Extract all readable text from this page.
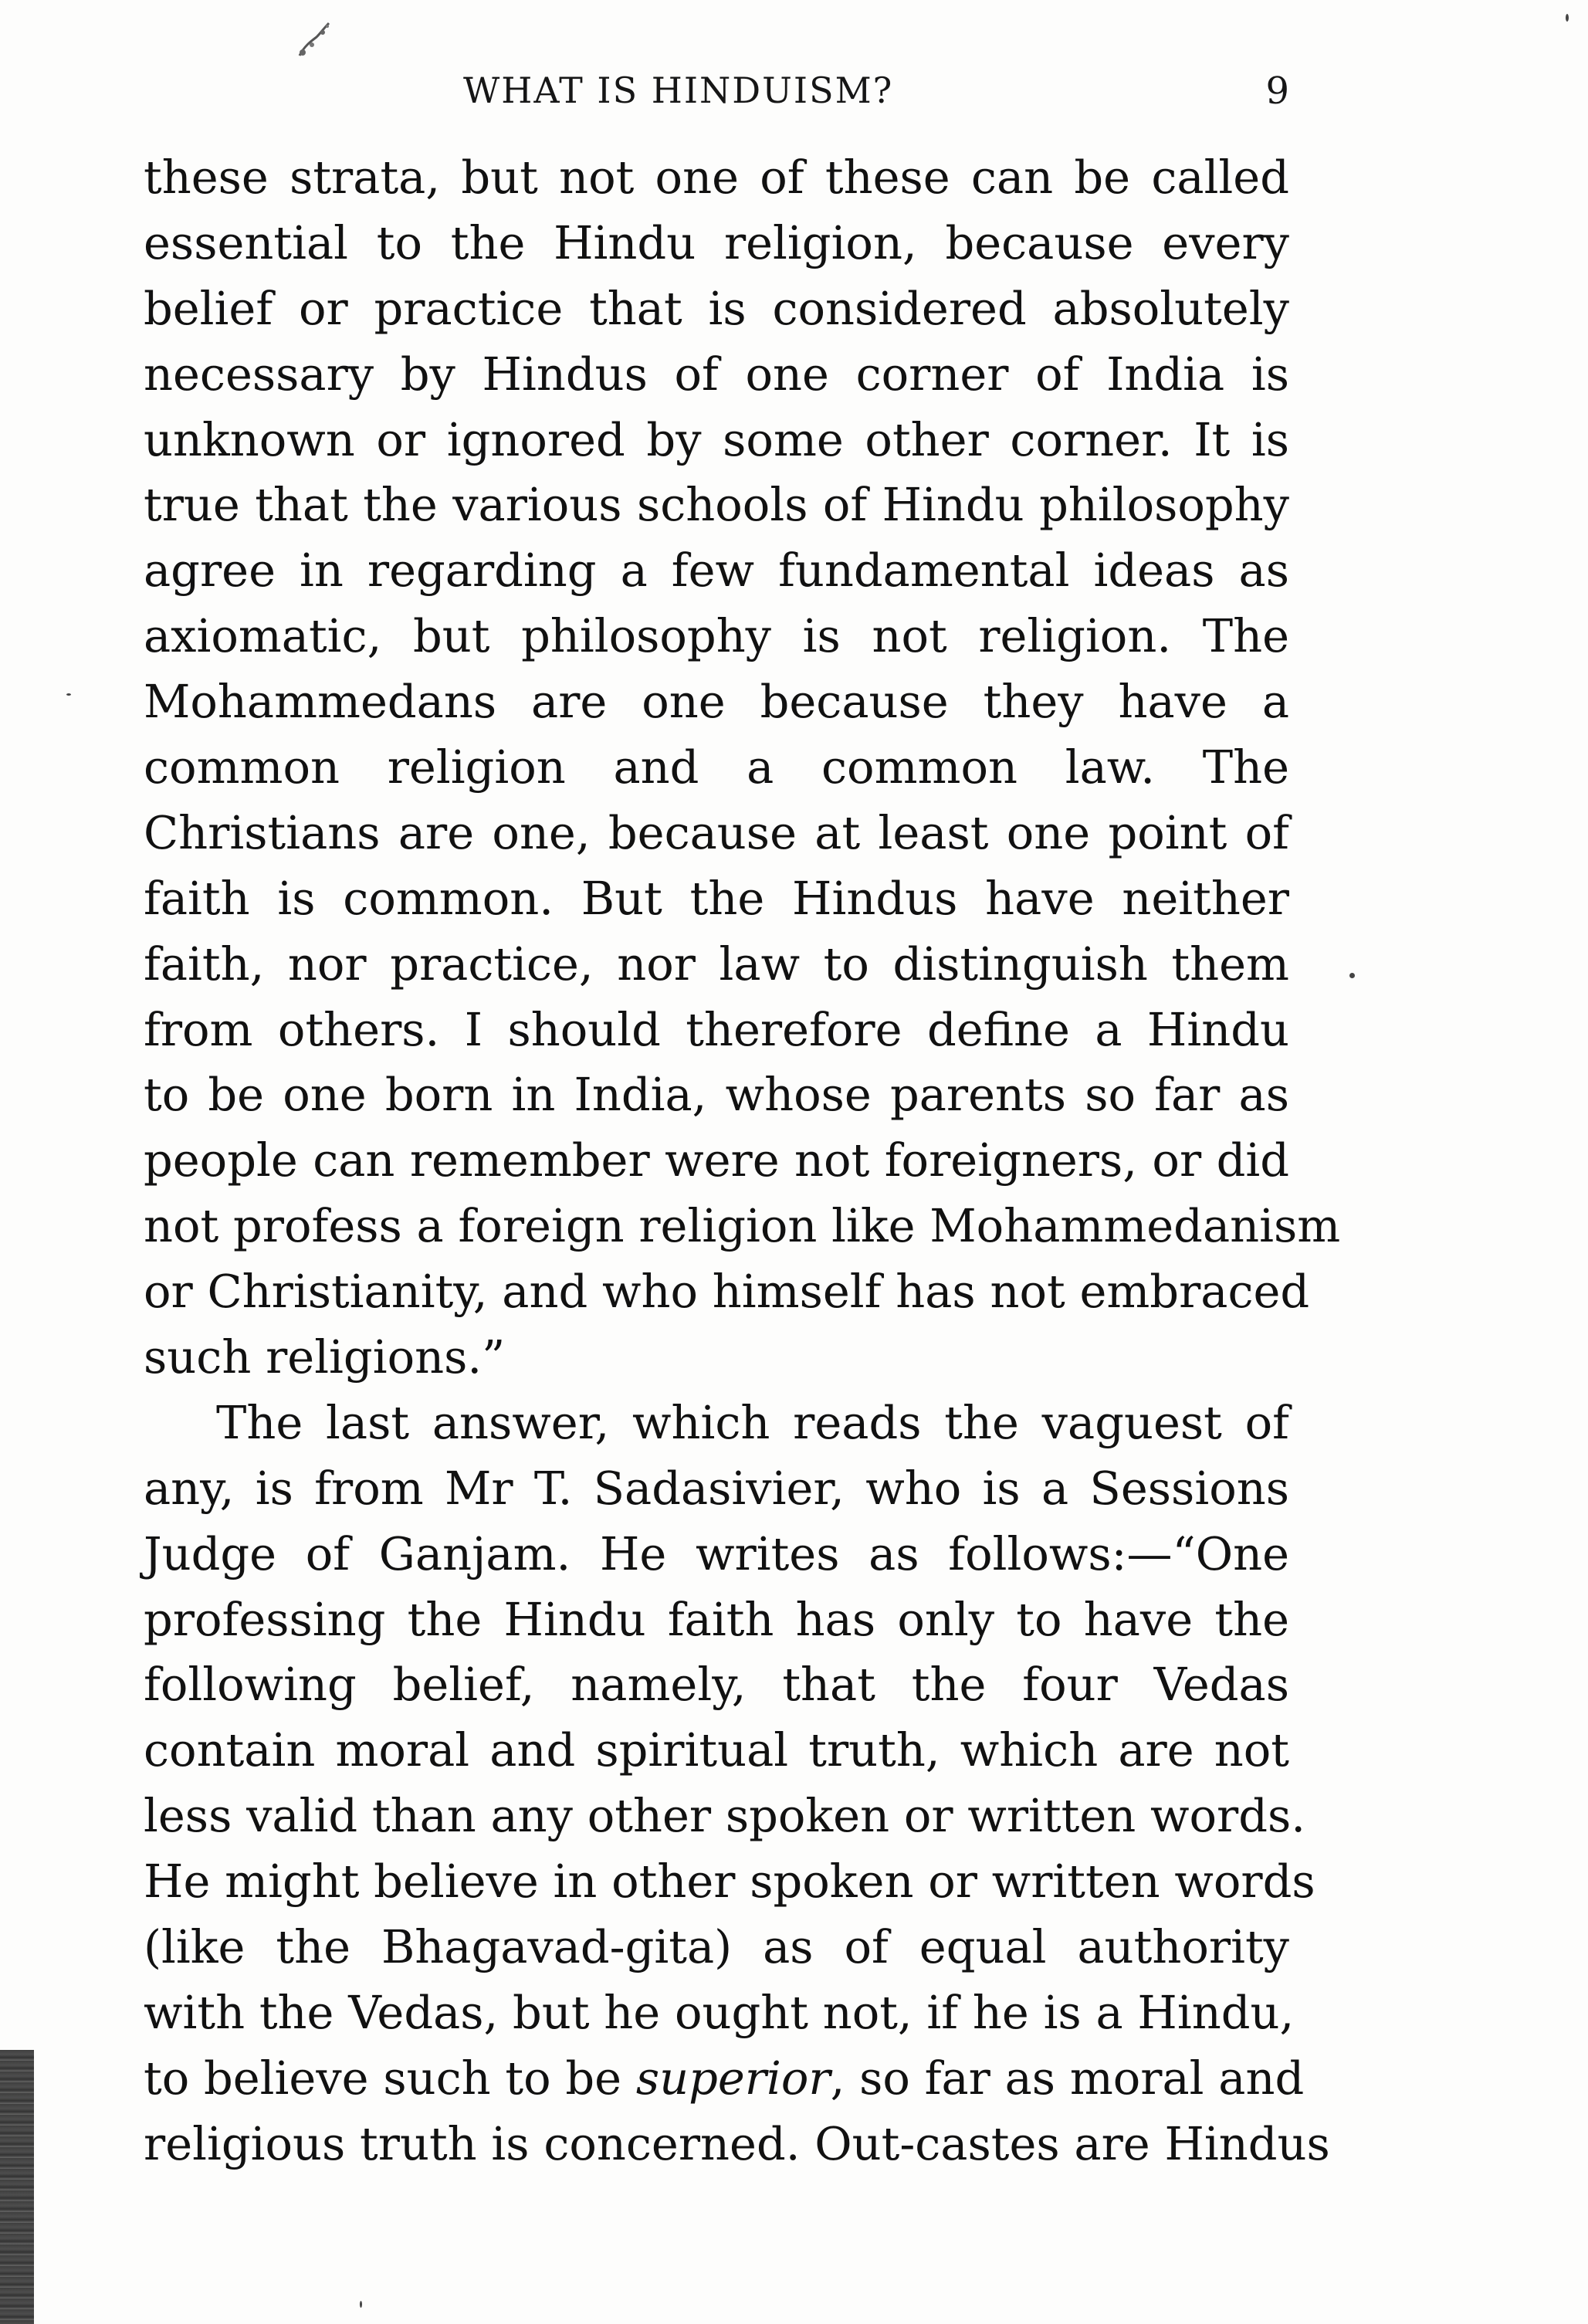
WHAT IS HINDUISM?	9
these strata, but not one of these can be called
essential to the Hindu religion, because every
belief or practice that is considered absolutely
necessary by Hindus of one corner of India is
unknown or ignored by some other corner. It is
true that the various schools of Hindu philosophy
agree in regarding a few fundamental ideas as
axiomatic, but philosophy is not religion. The
Mohammedans are one because they have a
common religion and a common law. The
Christians are one, because at least one point of
faith is common. But the Hindus have neither
faith, nor practice, nor law to distinguish them
from others. I should therefore define a Hindu
to be one born in India, whose parents so far as
people can remember were not foreigners, or did
not profess a foreign religion like Mohammedanism
or Christianity, and who himself has not embraced
such religions.”
The last answer, which reads the vaguest of
any, is from Mr T. Sadasivier, who is a Sessions
Judge of Ganjam. He writes as follows:—“One
professing the Hindu faith has only to have the
following belief, namely, that the four Vedas
contain moral and spiritual truth, which are not
less valid than any other spoken or written words.
He might believe in other spoken or written words
(like the Bhagavad-gita) as of equal authority
with the Vedas, but he ought not, if he is a Hindu,
to believe such to be superior, so far as moral and
religious truth is concerned. Out-castes are Hindus
